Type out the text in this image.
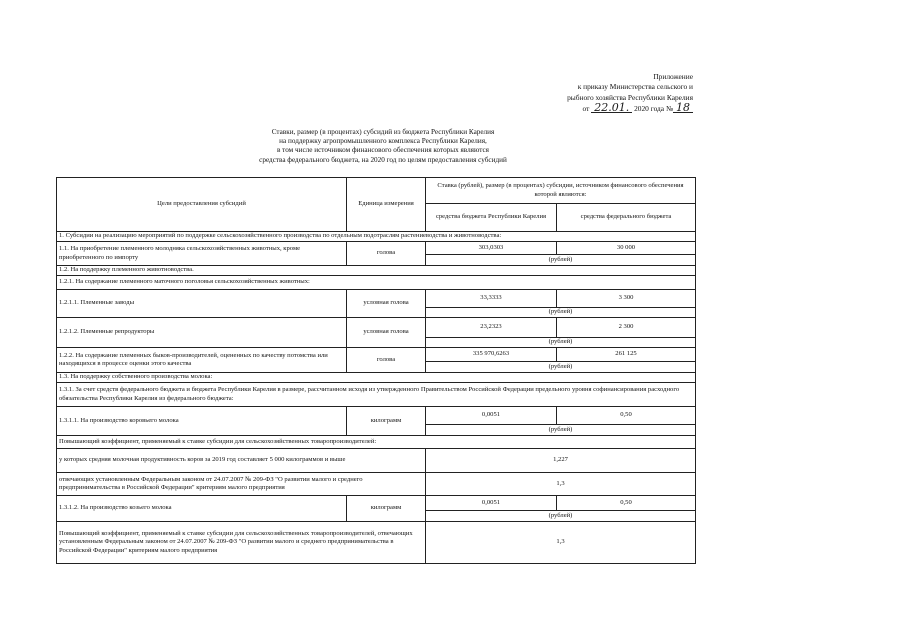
Приложение
к приказу Министерства сельского и
рыбного хозяйства Республики Карелия
от 22.01. 2020 года № 18
Ставки, размер (в процентах) субсидий из бюджета Республики Карелия
на поддержку агропромышленного комплекса Республики Карелия,
в том числе источником финансового обеспечения которых являются
средства федерального бюджета, на 2020 год по целям предоставления субсидий
Цели предоставления субсидий	Единица измерения	Ставка (рублей), размер (в процентах) субсидии, источником финансового обеспечения которой являются:	
		средства бюджета Республики Карелия	средства федерального бюджета
1. Субсидии на реализацию мероприятий по поддержке сельскохозяйственного производства по отдельным подотраслям растениеводства и животноводства:			
1.1. На приобретение племенного молодняка сельскохозяйственных животных, кроме приобретенного по импорту	голова	303,0303	30 000
		(рублей)	
1.2. На поддержку племенного животноводства.			
1.2.1. На содержание племенного маточного поголовья сельскохозяйственных животных:			
1.2.1.1. Племенные заводы	условная голова	33,3333	3 300
		(рублей)	
1.2.1.2. Племенные репродукторы	условная голова	23,2323	2 300
		(рублей)	
1.2.2. На содержание племенных быков-производителей, оцененных по качеству потомства или находящихся в процессе оценки этого качества	голова	335 970,6263	261 125
		(рублей)	
1.3. На поддержку собственного производства молока:			
1.3.1. За счет средств федерального бюджета и бюджета Республики Карелия в размере, рассчитанном исходя из утвержденного Правительством Российской Федерации предельного уровня софинансирования расходного обязательства Республики Карелия из федерального бюджета:			
1.3.1.1. На производство коровьего молока	килограмм	0,0051	0,50
		(рублей)	
Повышающий коэффициент, применяемый к ставке субсидии для сельскохозяйственных товаропроизводителей:			
у которых средняя молочная продуктивность коров за 2019 год составляет 5 000 килограммов и выше		1,227	
отвечающих установленным Федеральным законом от 24.07.2007 № 209-ФЗ "О развитии малого и среднего предпринимательства в Российской Федерации" критериям малого предприятия		1,3	
1.3.1.2. На производство козьего молока	килограмм	0,0051	0,50
		(рублей)	
Повышающий коэффициент, применяемый к ставке субсидии для сельскохозяйственных товаропроизводителей, отвечающих установленным Федеральным законом от 24.07.2007 № 209-ФЗ "О развитии малого и среднего предпринимательства в Российской Федерации" критериям малого предприятия		1,3	
